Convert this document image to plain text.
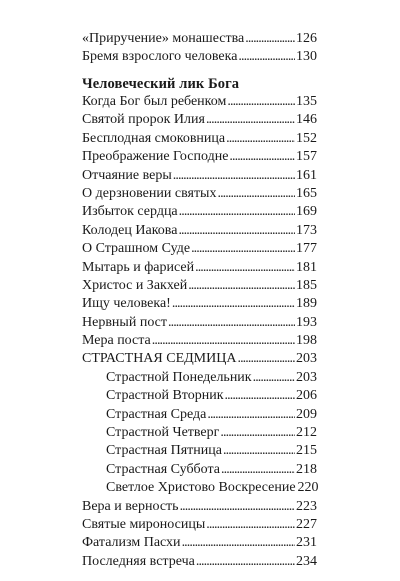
«Приручение» монашества . . .	126
Бремя взрослого человека . . .	130
Человеческий лик Бога
Когда Бог был ребенком . . .	135
Святой пророк Илия . . .	146
Бесплодная смоковница . . .	152
Преображение Господне . . .	157
Отчаяние веры . . .	161
О дерзновении святых . . .	165
Избыток сердца . . .	169
Колодец Иакова . . .	173
О Страшном Суде . . .	177
Мытарь и фарисей . . .	181
Христос и Закхей . . .	185
Ищу человека! . . .	189
Нервный пост . . .	193
Мера поста . . .	198
СТРАСТНАЯ СЕДМИЦА . . .	203
Страстной Понедельник . . .	203
Страстной Вторник . . .	206
Страстная Среда . . .	209
Страстной Четверг . . .	212
Страстная Пятница . . .	215
Страстная Суббота . . .	218
Светлое Христово Воскресение 220
Вера и верность . . .	223
Святые мироносицы . . .	227
Фатализм Пасхи . . .	231
Последняя встреча . . .	234
